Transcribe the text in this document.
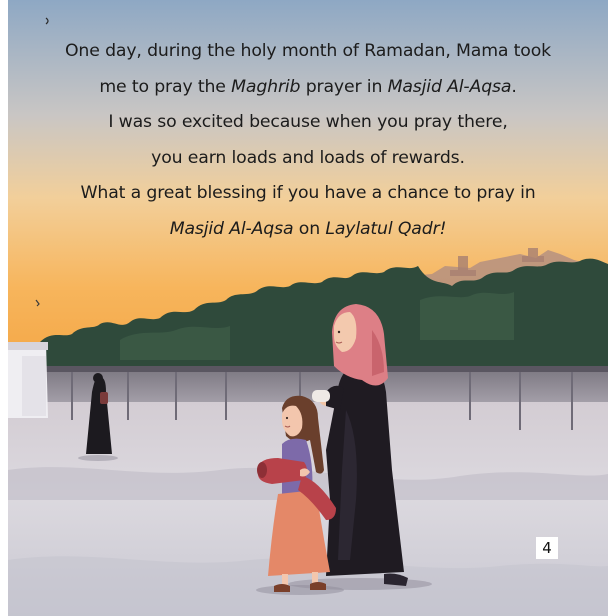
One day, during the holy month of Ramadan, Mama took
me to pray the Maghrib prayer in Masjid Al-Aqsa.
I was so excited because when you pray there,
you earn loads and loads of rewards.
What a great blessing if you have a chance to pray in
Masjid Al-Aqsa on Laylatul Qadr!
4
